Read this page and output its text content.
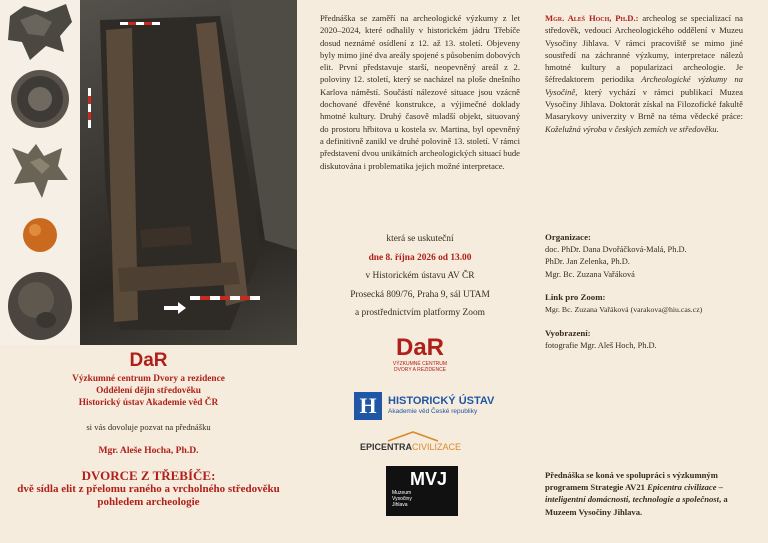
DaR
Výzkumné centrum Dvory a rezidence
Oddělení dějin středověku
Historický ústav Akademie věd ČR
si vás dovoluje pozvat na přednášku
Mgr. Aleše Hocha, Ph.D.
DVORCE Z TŘEBÍČE:
dvě sídla elit z přelomu raného a vrcholného středověku
pohledem archeologie
Přednáška se zaměří na archeologické výzkumy z let 2020–2024, které odhalily v historickém jádru Třebíče dosud neznámé osídlení z 12. až 13. století. Objeveny byly mimo jiné dva areály spojené s působením dobových elit. První představuje starší, neopevněný areál z 2. poloviny 12. století, který se nacházel na ploše dnešního Karlova náměstí. Součástí nálezové situace jsou vzácně dochované dřevěné konstrukce, a výjimečné doklady hmotné kultury. Druhý časově mladší objekt, situovaný do prostoru hřbitova u kostela sv. Martina, byl opevněný a definitivně zanikl ve druhé polovině 13. století. V rámci představení dvou unikátních archeologických situací bude diskutována i problematika jejich možné interpretace.
která se uskuteční
dne 8. října 2026 od 13.00
v Historickém ústavu AV ČR
Prosecká 809/76, Praha 9, sál UTAM
a prostřednictvím platformy Zoom
DaR
VÝZKUMNÉ CENTRUM
DVORY A REZIDENCE
H	HISTORICKÝ ÚSTAV
Akademie věd České republiky
EPICENTRACIVILIZACE
MVJ
Muzeum
Vysočiny
Jihlava
Mgr. Aleš Hoch, Ph.D.: archeolog se specializací na středověk, vedoucí Archeologického oddělení v Muzeu Vysočiny Jihlava. V rámci pracoviště se mimo jiné soustředí na záchranné výzkumy, interpretace nálezů hmotné kultury a popularizaci archeologie. Je šéfredaktorem periodika Archeologické výzkumy na Vysočině, který vychází v rámci publikací Muzea Vysočiny Jihlava. Doktorát získal na Filozofické fakultě Masarykovy univerzity v Brně na téma vědecké práce: Koželužná výroba v českých zemích ve středověku.
Organizace:
doc. PhDr. Dana Dvořáčková-Malá, Ph.D.
PhDr. Jan Zelenka, Ph.D.
Mgr. Bc. Zuzana Vařáková
Link pro Zoom:
Mgr. Bc. Zuzana Vařáková (varakova@hiu.cas.cz)
Vyobrazení:
fotografie Mgr. Aleš Hoch, Ph.D.
Přednáška se koná ve spolupráci s výzkumným programem Strategie AV21 Epicentra civilizace – inteligentní domácnosti, technologie a společnost, a Muzeem Vysočiny Jihlava.
